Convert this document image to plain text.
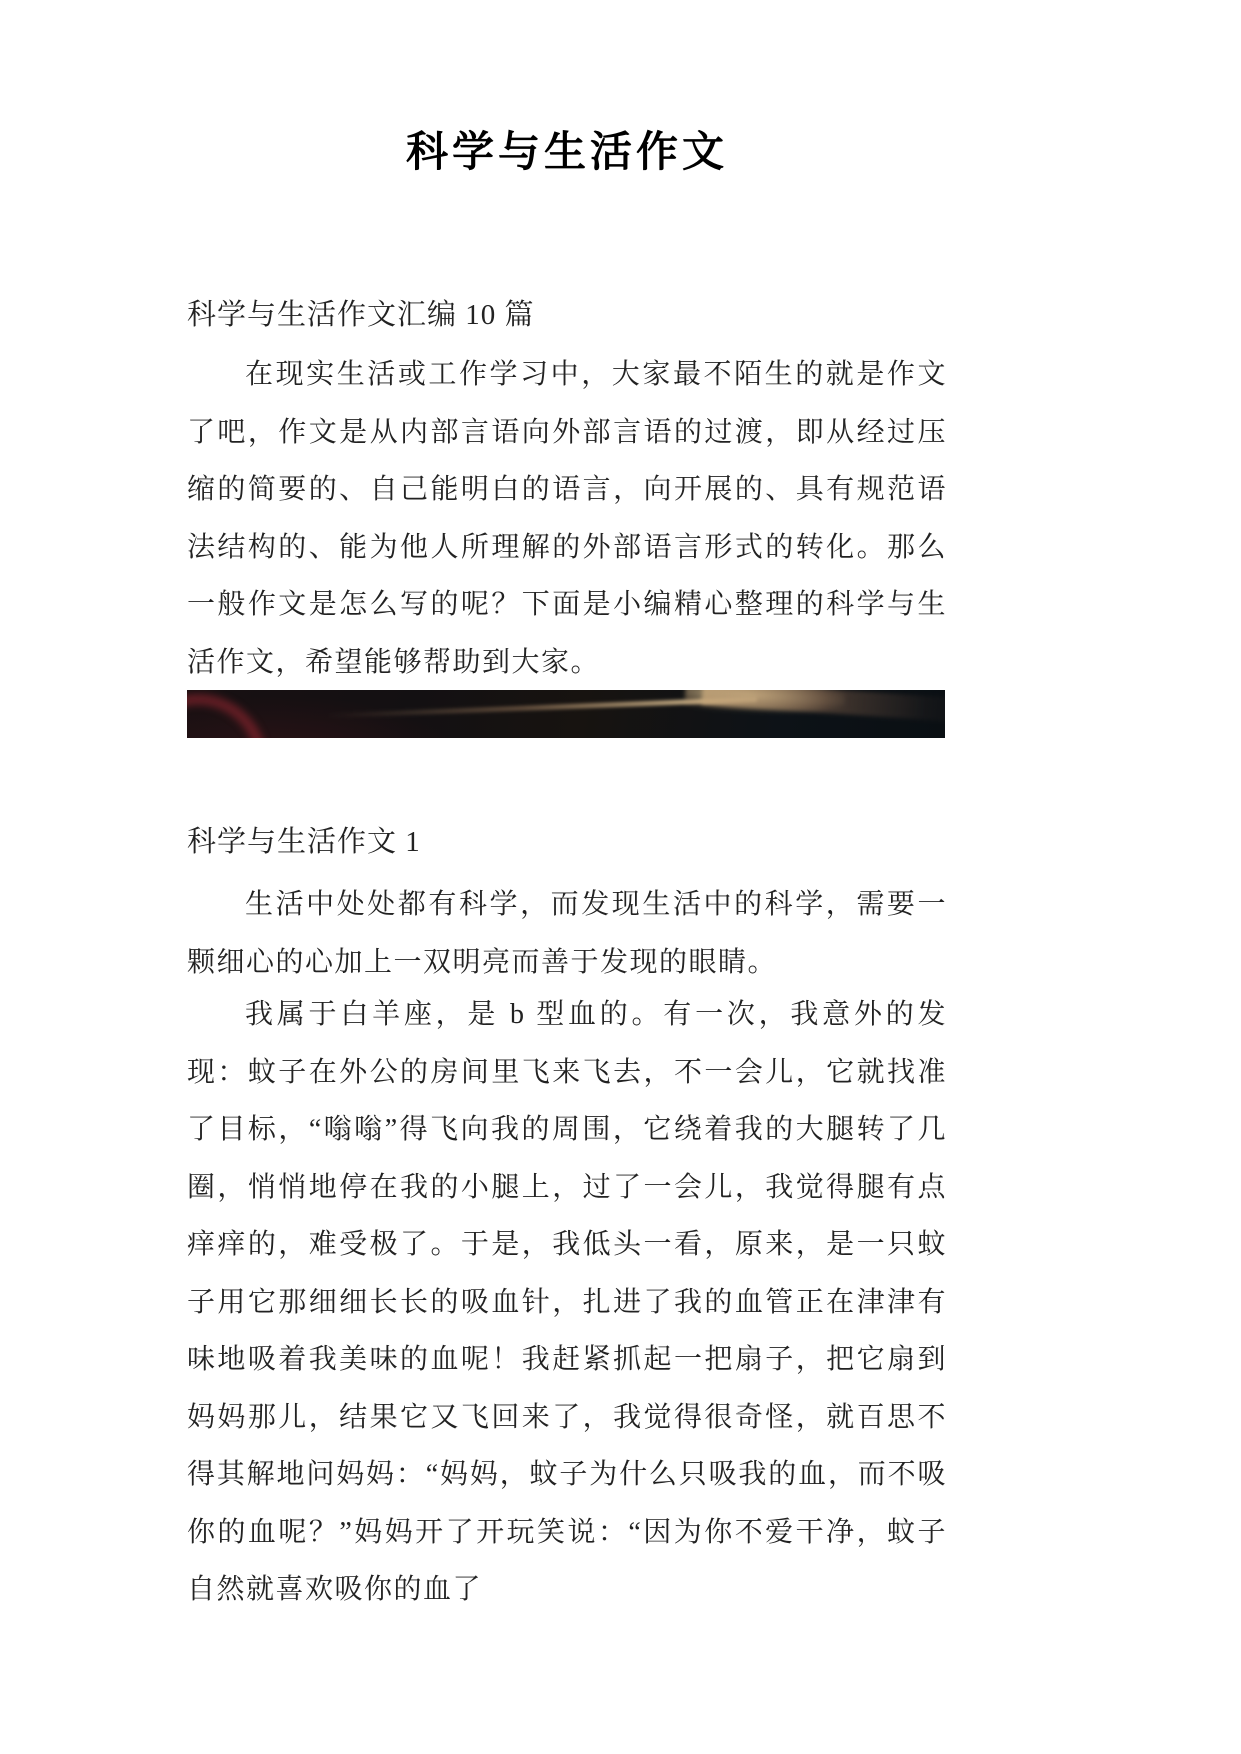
科学与生活作文
科学与生活作文汇编 10 篇

在现实生活或工作学习中，大家最不陌生的就是作文了吧，作文是从内部言语向外部言语的过渡，即从经过压缩的简要的、自己能明白的语言，向开展的、具有规范语法结构的、能为他人所理解的外部语言形式的转化。那么一般作文是怎么写的呢？下面是小编精心整理的科学与生活作文，希望能够帮助到大家。

科学与生活作文 1

生活中处处都有科学，而发现生活中的科学，需要一颗细心的心加上一双明亮而善于发现的眼睛。

我属于白羊座，是 b 型血的。有一次，我意外的发现：蚊子在外公的房间里飞来飞去，不一会儿，它就找准了目标，“嗡嗡”得飞向我的周围，它绕着我的大腿转了几圈，悄悄地停在我的小腿上，过了一会儿，我觉得腿有点痒痒的，难受极了。于是，我低头一看，原来，是一只蚊子用它那细细长长的吸血针，扎进了我的血管正在津津有味地吸着我美味的血呢！我赶紧抓起一把扇子，把它扇到妈妈那儿，结果它又飞回来了，我觉得很奇怪，就百思不得其解地问妈妈：“妈妈，蚊子为什么只吸我的血，而不吸你的血呢？”妈妈开了开玩笑说：“因为你不爱干净，蚊子自然就喜欢吸你的血了
